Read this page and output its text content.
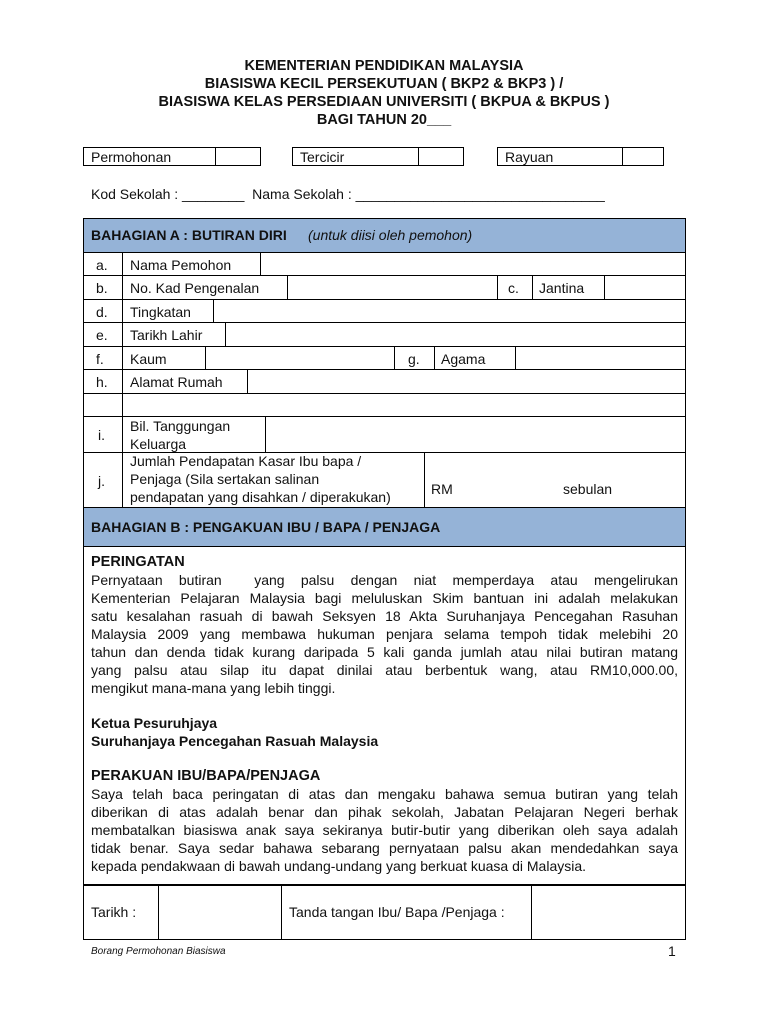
KEMENTERIAN PENDIDIKAN MALAYSIA
BIASISWA KECIL PERSEKUTUAN ( BKP2 & BKP3 ) /
BIASISWA KELAS PERSEDIAAN UNIVERSITI ( BKPUA & BKPUS )
BAGI TAHUN 20___
Permohonan	Tercicir	Rayuan
Kod Sekolah : ________  Nama Sekolah : ________________________________
BAHAGIAN A : BUTIRAN DIRI (untuk diisi oleh pemohon)
a. Nama Pemohon
b. No. Kad Pengenalan	c. Jantina
d. Tingkatan
e. Tarikh Lahir
f. Kaum	g. Agama
h. Alamat Rumah
i.
Bil. Tanggungan
Keluarga
j.
Jumlah Pendapatan Kasar Ibu bapa /
Penjaga (Sila sertakan salinan
pendapatan yang disahkan / diperakukan)	RM	sebulan
BAHAGIAN B : PENGAKUAN IBU / BAPA / PENJAGA
PERINGATAN
Pernyataan butiran  yang palsu dengan niat memperdaya atau mengelirukan
Kementerian Pelajaran Malaysia bagi meluluskan Skim bantuan ini adalah melakukan
satu kesalahan rasuah di bawah Seksyen 18 Akta Suruhanjaya Pencegahan Rasuhan
Malaysia 2009 yang membawa hukuman penjara selama tempoh tidak melebihi 20
tahun dan denda tidak kurang daripada 5 kali ganda jumlah atau nilai butiran matang
yang palsu atau silap itu dapat dinilai atau berbentuk wang, atau RM10,000.00,
mengikut mana-mana yang lebih tinggi.
Ketua Pesuruhjaya
Suruhanjaya Pencegahan Rasuah Malaysia
PERAKUAN IBU/BAPA/PENJAGA
Saya telah baca peringatan di atas dan mengaku bahawa semua butiran yang telah
diberikan di atas adalah benar dan pihak sekolah, Jabatan Pelajaran Negeri berhak
membatalkan biasiswa anak saya sekiranya butir-butir yang diberikan oleh saya adalah
tidak benar. Saya sedar bahawa sebarang pernyataan palsu akan mendedahkan saya
kepada pendakwaan di bawah undang-undang yang berkuat kuasa di Malaysia.
Tarikh :	Tanda tangan Ibu/ Bapa /Penjaga :
Borang Permohonan Biasiswa	1
